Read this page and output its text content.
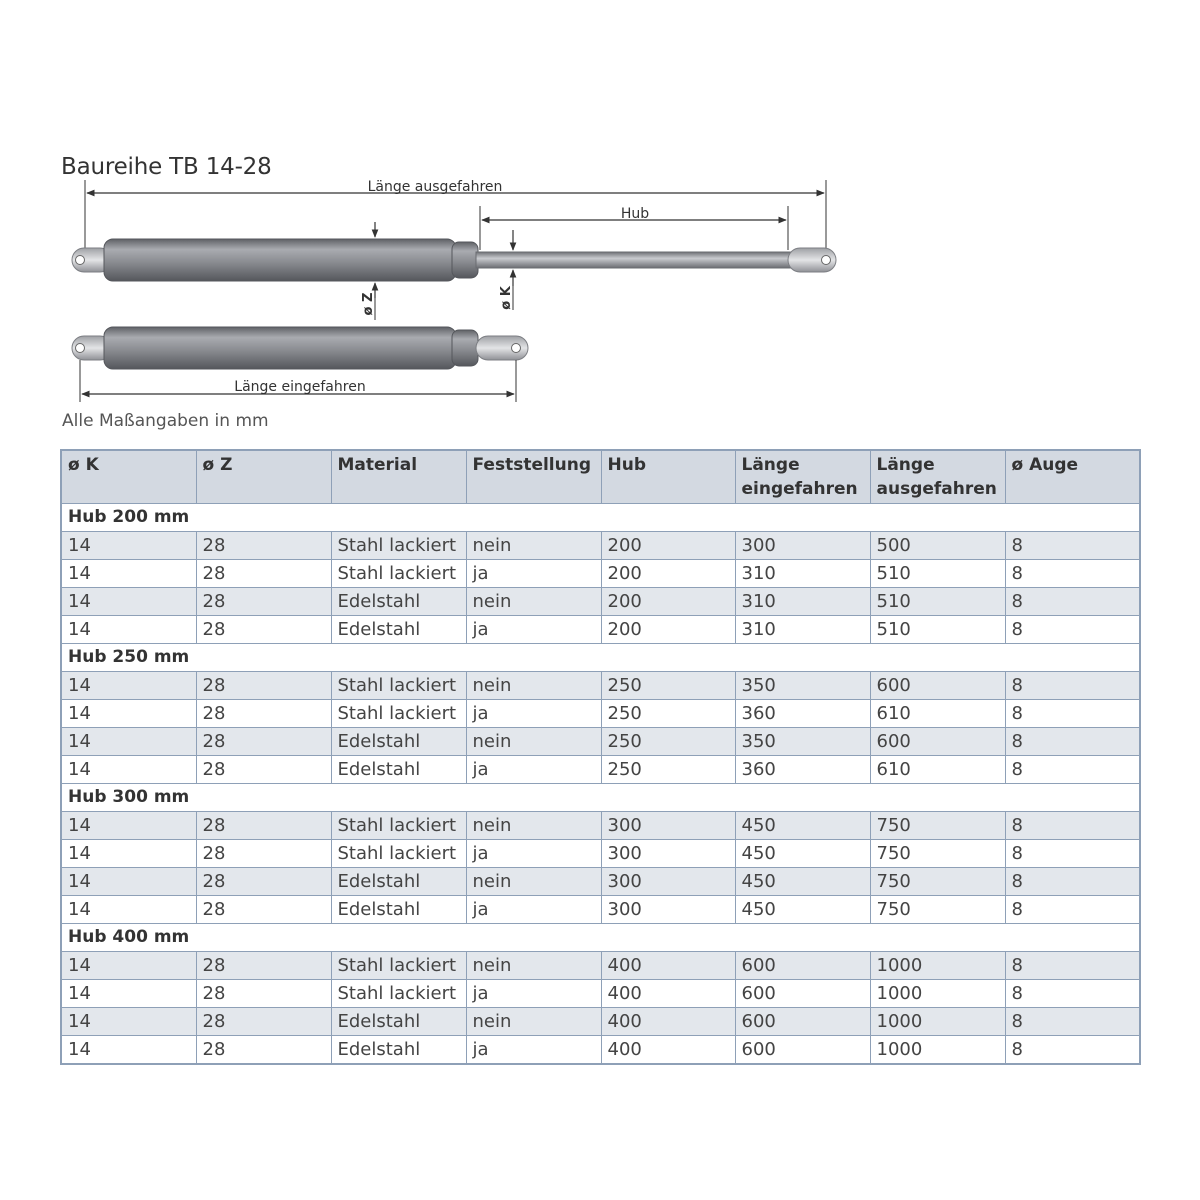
Baureihe TB 14-28
Länge ausgefahren
Hub
ø Z	ø K
Länge eingefahren
Alle Maßangaben in mm
ø K	ø Z	Material	Feststellung	Hub	Länge eingefahren	Länge ausgefahren	ø Auge
Hub 200 mm							
14	28	Stahl lackiert	nein	200	300	500	8
14	28	Stahl lackiert	ja	200	310	510	8
14	28	Edelstahl	nein	200	310	510	8
14	28	Edelstahl	ja	200	310	510	8
Hub 250 mm							
14	28	Stahl lackiert	nein	250	350	600	8
14	28	Stahl lackiert	ja	250	360	610	8
14	28	Edelstahl	nein	250	350	600	8
14	28	Edelstahl	ja	250	360	610	8
Hub 300 mm							
14	28	Stahl lackiert	nein	300	450	750	8
14	28	Stahl lackiert	ja	300	450	750	8
14	28	Edelstahl	nein	300	450	750	8
14	28	Edelstahl	ja	300	450	750	8
Hub 400 mm							
14	28	Stahl lackiert	nein	400	600	1000	8
14	28	Stahl lackiert	ja	400	600	1000	8
14	28	Edelstahl	nein	400	600	1000	8
14	28	Edelstahl	ja	400	600	1000	8
